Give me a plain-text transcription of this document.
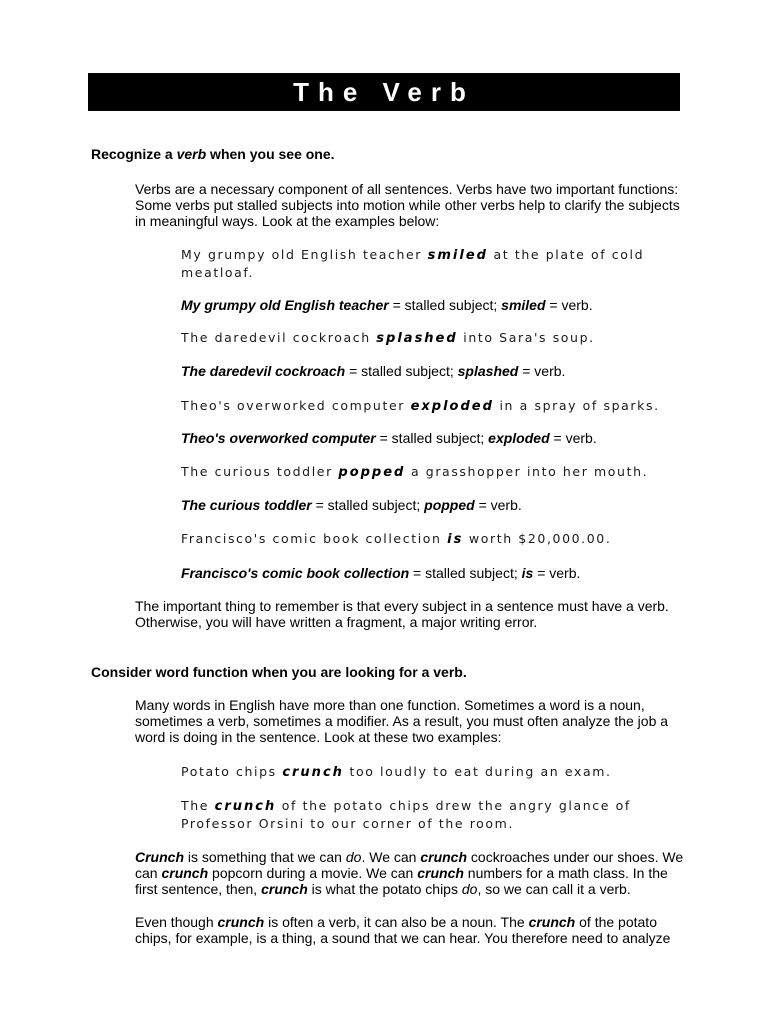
The Verb

Recognize a verb when you see one.

Verbs are a necessary component of all sentences. Verbs have two important functions:
Some verbs put stalled subjects into motion while other verbs help to clarify the subjects
in meaningful ways. Look at the examples below:

My grumpy old English teacher smiled at the plate of cold
meatloaf.

My grumpy old English teacher = stalled subject; smiled = verb.

The daredevil cockroach splashed into Sara's soup.

The daredevil cockroach = stalled subject; splashed = verb.

Theo's overworked computer exploded in a spray of sparks.

Theo's overworked computer = stalled subject; exploded = verb.

The curious toddler popped a grasshopper into her mouth.

The curious toddler = stalled subject; popped = verb.

Francisco's comic book collection is worth $20,000.00.

Francisco's comic book collection = stalled subject; is = verb.

The important thing to remember is that every subject in a sentence must have a verb.
Otherwise, you will have written a fragment, a major writing error.

Consider word function when you are looking for a verb.

Many words in English have more than one function. Sometimes a word is a noun,
sometimes a verb, sometimes a modifier. As a result, you must often analyze the job a
word is doing in the sentence. Look at these two examples:

Potato chips crunch too loudly to eat during an exam.

The crunch of the potato chips drew the angry glance of
Professor Orsini to our corner of the room.

Crunch is something that we can do. We can crunch cockroaches under our shoes. We
can crunch popcorn during a movie. We can crunch numbers for a math class. In the
first sentence, then, crunch is what the potato chips do, so we can call it a verb.

Even though crunch is often a verb, it can also be a noun. The crunch of the potato
chips, for example, is a thing, a sound that we can hear. You therefore need to analyze
